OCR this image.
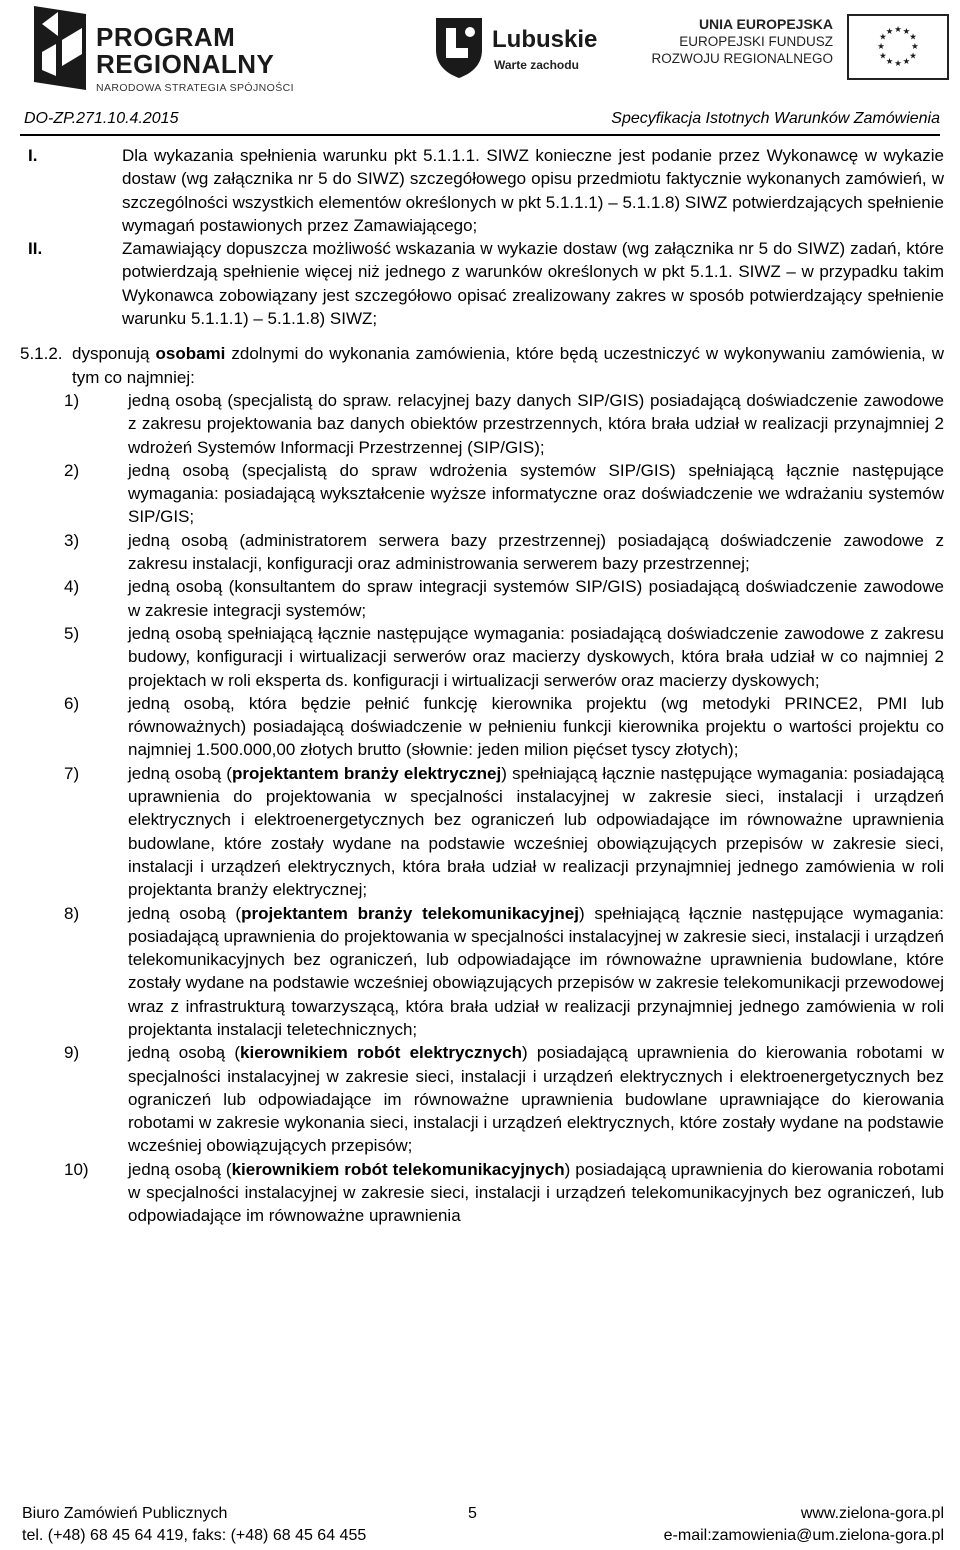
PROGRAM
REGIONALNY
NARODOWA STRATEGIA SPÓJNOŚCI
Lubuskie
Warte zachodu
UNIA EUROPEJSKA
EUROPEJSKI FUNDUSZ
ROZWOJU REGIONALNEGO
★ ★
★
★
★
★
★
★
★
★
★
★
DO-ZP.271.10.4.2015	Specyfikacja Istotnych Warunków Zamówienia
I.	Dla wykazania spełnienia warunku pkt 5.1.1.1. SIWZ konieczne jest podanie przez Wykonawcę w wykazie dostaw (wg załącznika nr 5 do SIWZ) szczegółowego opisu przedmiotu faktycznie wykonanych zamówień, w szczególności wszystkich elementów określonych w pkt 5.1.1.1) – 5.1.1.8) SIWZ potwierdzających spełnienie wymagań postawionych przez Zamawiającego;
II.	Zamawiający dopuszcza możliwość wskazania w wykazie dostaw (wg załącznika nr 5 do SIWZ) zadań, które potwierdzają spełnienie więcej niż jednego z warunków określonych w pkt 5.1.1. SIWZ – w przypadku takim Wykonawca zobowiązany jest szczegółowo opisać zrealizowany zakres w sposób potwierdzający spełnienie warunku 5.1.1.1) – 5.1.1.8) SIWZ;
5.1.2. dysponują osobami zdolnymi do wykonania zamówienia, które będą uczestniczyć w wykonywaniu zamówienia, w tym co najmniej:
1)	jedną osobą (specjalistą do spraw. relacyjnej bazy danych SIP/GIS) posiadającą doświadczenie zawodowe z zakresu projektowania baz danych obiektów przestrzennych, która brała udział w realizacji przynajmniej 2 wdrożeń Systemów Informacji Przestrzennej (SIP/GIS);
2)	jedną osobą (specjalistą do spraw wdrożenia systemów SIP/GIS) spełniającą łącznie następujące wymagania: posiadającą wykształcenie wyższe informatyczne oraz doświadczenie we wdrażaniu systemów SIP/GIS;
3)	jedną osobą (administratorem serwera bazy przestrzennej) posiadającą doświadczenie zawodowe z zakresu instalacji, konfiguracji oraz administrowania serwerem bazy przestrzennej;
4)	jedną osobą (konsultantem do spraw integracji systemów SIP/GIS) posiadającą doświadczenie zawodowe w zakresie integracji systemów;
5)	jedną osobą spełniającą łącznie następujące wymagania: posiadającą doświadczenie zawodowe z zakresu budowy, konfiguracji i wirtualizacji serwerów oraz macierzy dyskowych, która brała udział w co najmniej 2 projektach w roli eksperta ds. konfiguracji i wirtualizacji serwerów oraz macierzy dyskowych;
6)	jedną osobą, która będzie pełnić funkcję kierownika projektu (wg metodyki PRINCE2, PMI lub równoważnych) posiadającą doświadczenie w pełnieniu funkcji kierownika projektu o wartości projektu co najmniej 1.500.000,00 złotych brutto (słownie: jeden milion pięćset tyscy złotych);
7)	jedną osobą (projektantem branży elektrycznej) spełniającą łącznie następujące wymagania: posiadającą uprawnienia do projektowania w specjalności instalacyjnej w zakresie sieci, instalacji i urządzeń elektrycznych i elektroenergetycznych bez ograniczeń lub odpowiadające im równoważne uprawnienia budowlane, które zostały wydane na podstawie wcześniej obowiązujących przepisów w zakresie sieci, instalacji i urządzeń elektrycznych, która brała udział w realizacji przynajmniej jednego zamówienia w roli projektanta branży elektrycznej;
8)	jedną osobą (projektantem branży telekomunikacyjnej) spełniającą łącznie następujące wymagania: posiadającą uprawnienia do projektowania w specjalności instalacyjnej w zakresie sieci, instalacji i urządzeń telekomunikacyjnych bez ograniczeń, lub odpowiadające im równoważne uprawnienia budowlane, które zostały wydane na podstawie wcześniej obowiązujących przepisów w zakresie telekomunikacji przewodowej wraz z infrastrukturą towarzyszącą, która brała udział w realizacji przynajmniej jednego zamówienia w roli projektanta instalacji teletechnicznych;
9)	jedną osobą (kierownikiem robót elektrycznych) posiadającą uprawnienia do kierowania robotami w specjalności instalacyjnej w zakresie sieci, instalacji i urządzeń elektrycznych i elektroenergetycznych bez ograniczeń lub odpowiadające im równoważne uprawnienia budowlane uprawniające do kierowania robotami w zakresie wykonania sieci, instalacji i urządzeń elektrycznych, które zostały wydane na podstawie wcześniej obowiązujących przepisów;
10) jedną osobą (kierownikiem robót telekomunikacyjnych) posiadającą uprawnienia do kierowania robotami w specjalności instalacyjnej w zakresie sieci, instalacji i urządzeń telekomunikacyjnych bez ograniczeń, lub odpowiadające im równoważne uprawnienia
Biuro Zamówień Publicznych
tel. (+48) 68 45 64 419, faks: (+48) 68 45 64 455
5	www.zielona-gora.pl
e-mail:zamowienia@um.zielona-gora.pl
